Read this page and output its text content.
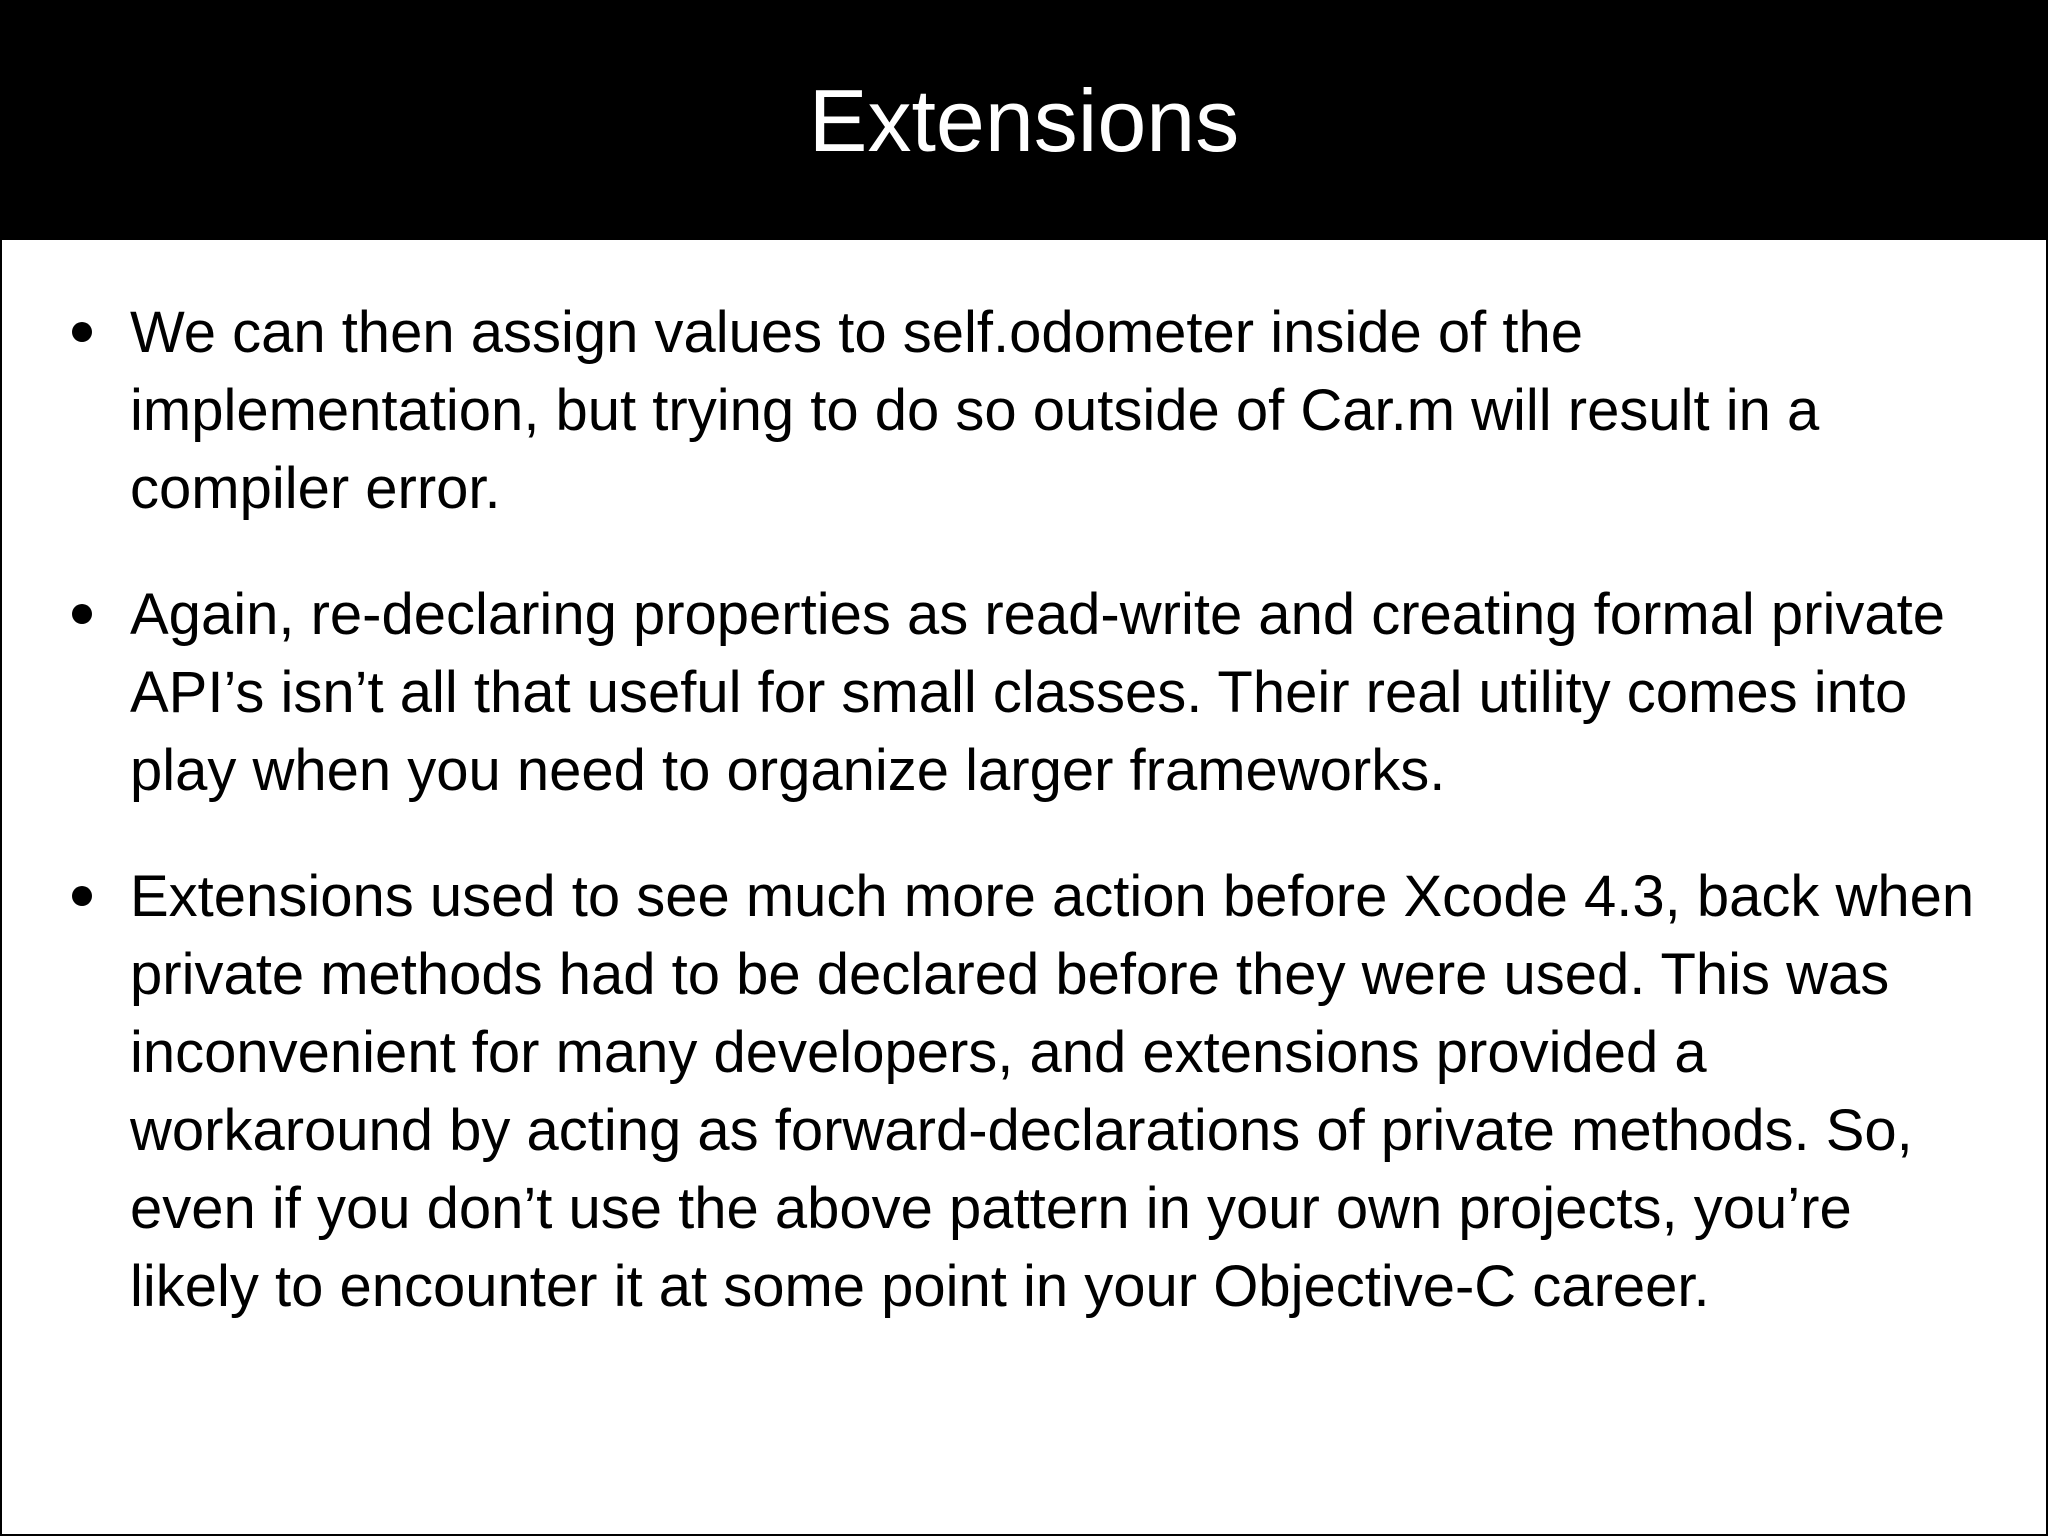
Extensions
We can then assign values to self.odometer inside of the implementation, but trying to do so outside of Car.m will result in a compiler error.
Again, re-declaring properties as read-write and creating formal private API’s isn’t all that useful for small classes. Their real utility comes into play when you need to organize larger frameworks.
Extensions used to see much more action before Xcode 4.3, back when private methods had to be declared before they were used. This was inconvenient for many developers, and extensions provided a workaround by acting as forward-declarations of private methods. So, even if you don’t use the above pattern in your own projects, you’re likely to encounter it at some point in your Objective-C career.
